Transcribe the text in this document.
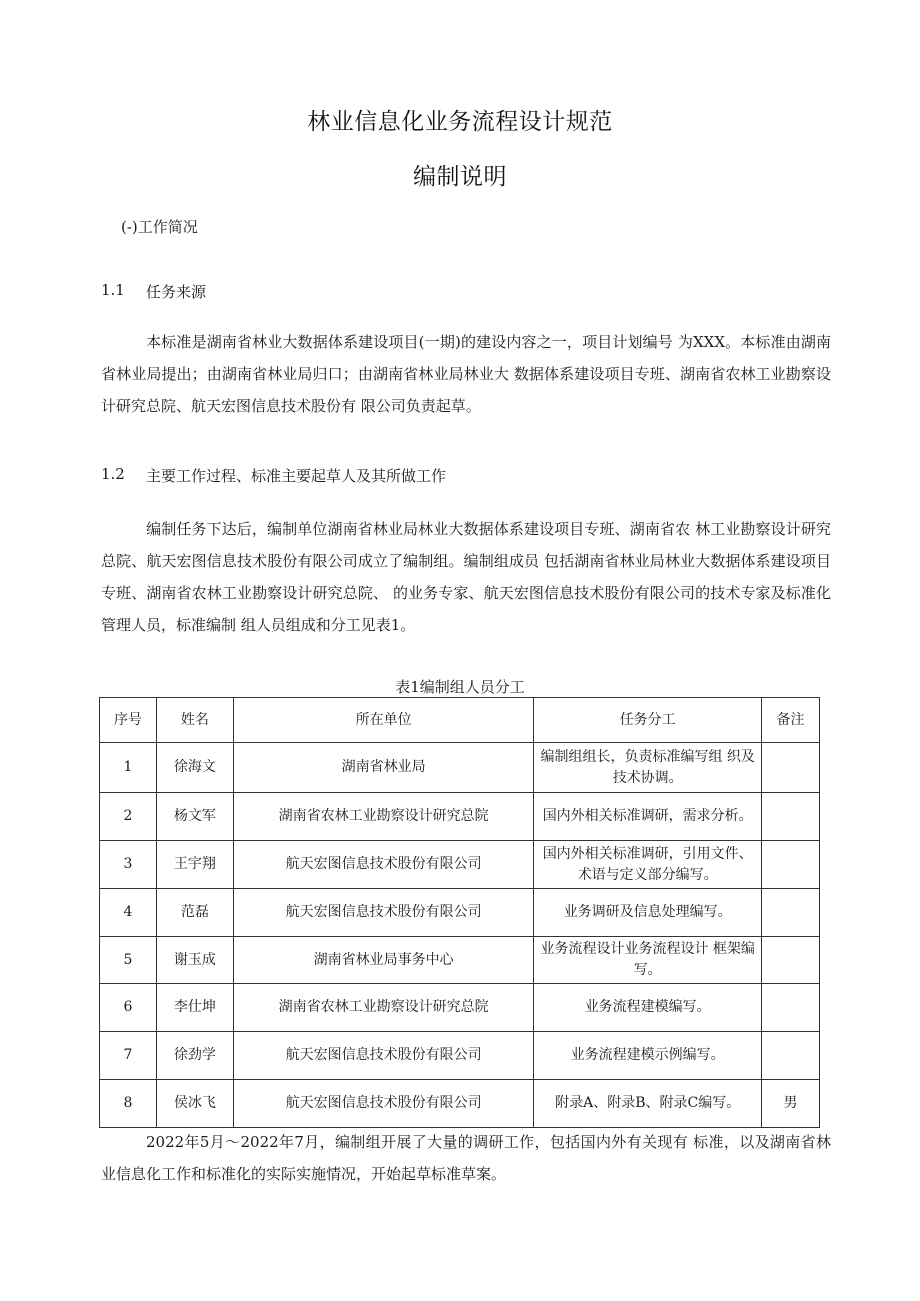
林业信息化业务流程设计规范
编制说明
(-)工作简况
1.1 任务来源
本标准是湖南省林业大数据体系建设项目(一期)的建设内容之一，项目计划编号 为XXX。本标准由湖南省林业局提出；由湖南省林业局归口；由湖南省林业局林业大 数据体系建设项目专班、湖南省农林工业勘察设计研究总院、航天宏图信息技术股份有 限公司负责起草。
1.2 主要工作过程、标准主要起草人及其所做工作
编制任务下达后，编制单位湖南省林业局林业大数据体系建设项目专班、湖南省农 林工业勘察设计研究总院、航天宏图信息技术股份有限公司成立了编制组。编制组成员 包括湖南省林业局林业大数据体系建设项目专班、湖南省农林工业勘察设计研究总院、 的业务专家、航天宏图信息技术股份有限公司的技术专家及标准化管理人员，标准编制 组人员组成和分工见表1。
表1编制组人员分工
序号	姓名	所在单位	任务分工	备注
1	徐海文	湖南省林业局	编制组组长，负责标准编写组 织及技术协调。	
2	杨文军	湖南省农林工业勘察设计研究总院	国内外相关标准调研，需求分析。	
3	王宇翔	航天宏图信息技术股份有限公司	国内外相关标准调研，引用文件、术语与定义部分编写。	
4	范磊	航天宏图信息技术股份有限公司	业务调研及信息处理编写。	
5	谢玉成	湖南省林业局事务中心	业务流程设计业务流程设计 框架编写。	
6	李仕坤	湖南省农林工业勘察设计研究总院	业务流程建模编写。	
7	徐劲学	航天宏图信息技术股份有限公司	业务流程建模示例编写。	
8	侯冰飞	航天宏图信息技术股份有限公司	附录A、附录B、附录C编写。	男
2022年5月～2022年7月，编制组开展了大量的调研工作，包括国内外有关现有 标准，以及湖南省林业信息化工作和标准化的实际实施情况，开始起草标准草案。
